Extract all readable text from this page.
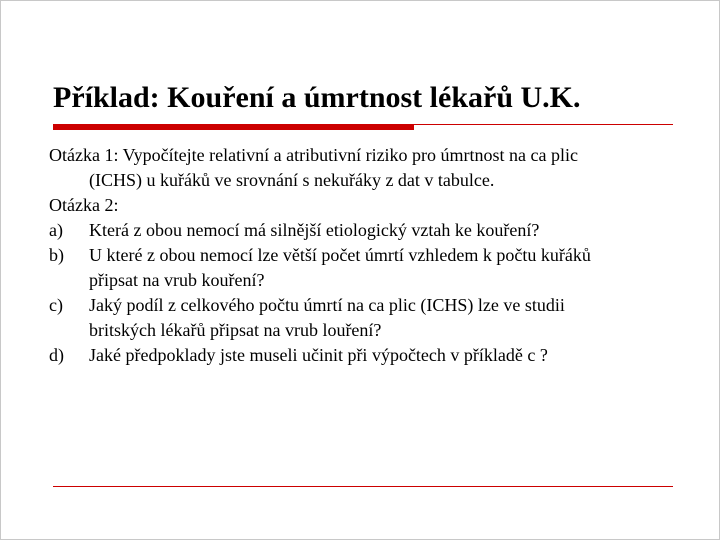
Příklad: Kouření a úmrtnost lékařů U.K.
Otázka 1: Vypočítejte relativní a atributivní riziko pro úmrtnost na ca plic
(ICHS) u kuřáků ve srovnání s nekuřáky z dat v tabulce.
Otázka 2:
a)	Která z obou nemocí má silnější etiologický vztah ke kouření?
b)	U které z obou nemocí lze větší počet úmrtí vzhledem k počtu kuřáků
připsat na vrub kouření?
c)	Jaký podíl z celkového počtu úmrtí na ca plic (ICHS) lze ve studii
britských lékařů připsat na vrub louření?
d)	Jaké předpoklady jste museli učinit při výpočtech v příkladě c ?
